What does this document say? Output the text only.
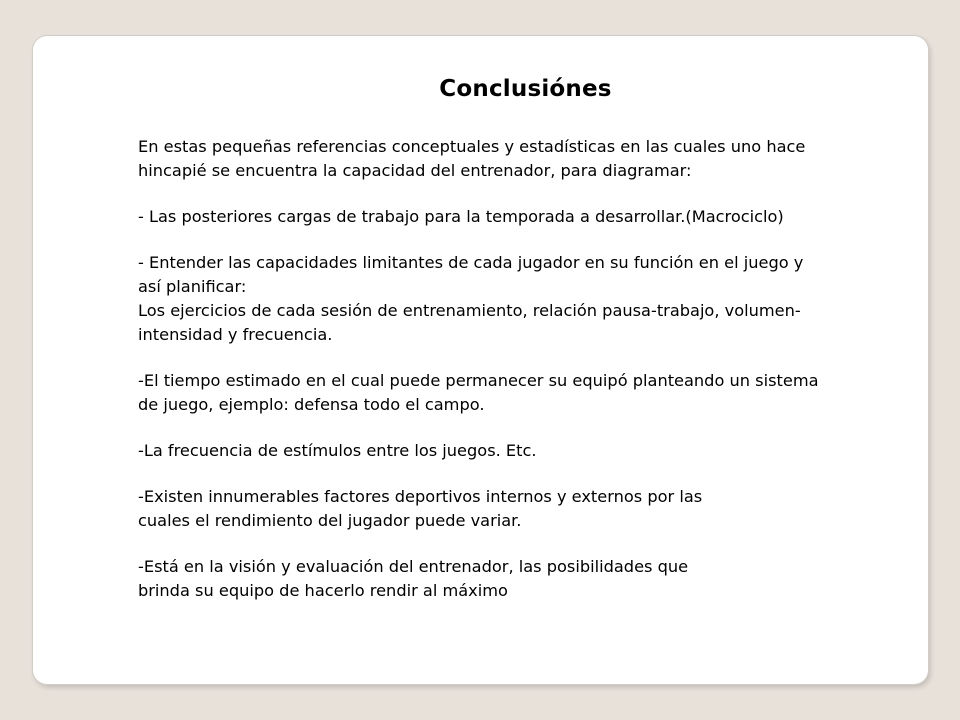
Conclusiónes

En estas pequeñas referencias conceptuales y estadísticas en las cuales uno hace
hincapié se encuentra la capacidad del entrenador, para diagramar:

- Las posteriores cargas de trabajo para la temporada a desarrollar.(Macrociclo)

- Entender las capacidades limitantes de cada jugador en su función en el juego y
así planificar:
Los ejercicios de cada sesión de entrenamiento, relación pausa-trabajo, volumen-
intensidad y frecuencia.

-El tiempo estimado en el cual puede permanecer su equipó planteando un sistema
de juego, ejemplo: defensa todo el campo.

-La frecuencia de estímulos entre los juegos. Etc.

-Existen innumerables factores deportivos internos y externos por las
cuales el rendimiento del jugador puede variar.

-Está en la visión y evaluación del entrenador, las posibilidades que
brinda su equipo de hacerlo rendir al máximo
